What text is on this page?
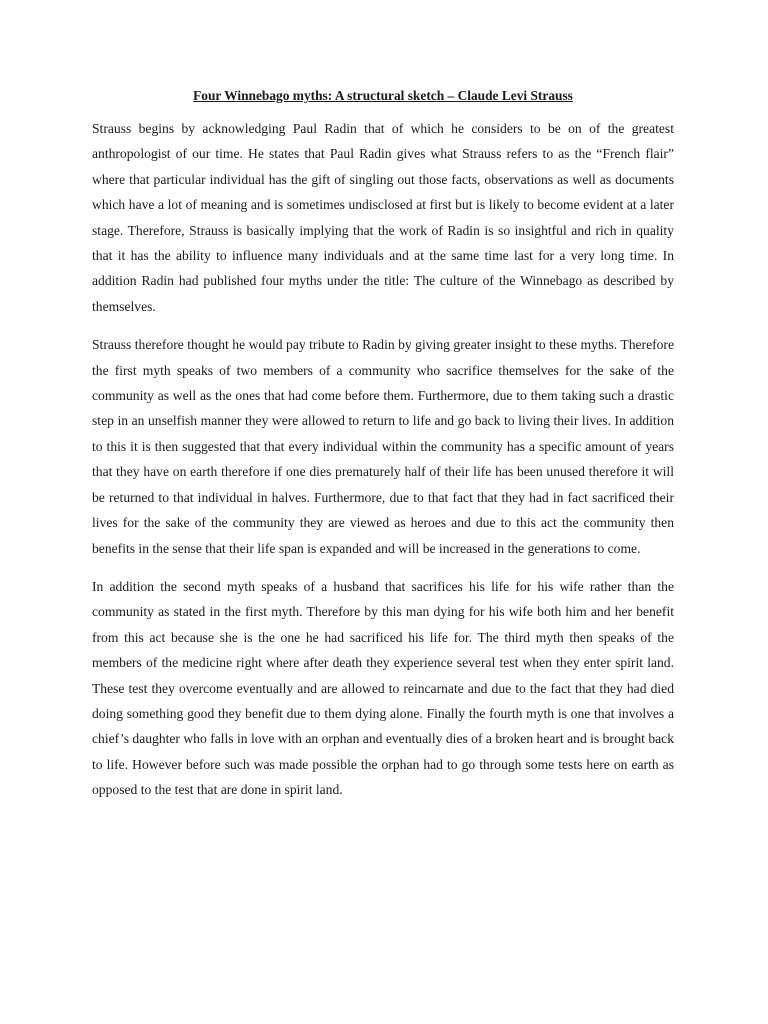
Four Winnebago myths: A structural sketch – Claude Levi Strauss

Strauss begins by acknowledging Paul Radin that of which he considers to be on of the greatest anthropologist of our time. He states that Paul Radin gives what Strauss refers to as the “French flair” where that particular individual has the gift of singling out those facts, observations as well as documents which have a lot of meaning and is sometimes undisclosed at first but is likely to become evident at a later stage. Therefore, Strauss is basically implying that the work of Radin is so insightful and rich in quality that it has the ability to influence many individuals and at the same time last for a very long time. In addition Radin had published four myths under the title: The culture of the Winnebago as described by themselves.

Strauss therefore thought he would pay tribute to Radin by giving greater insight to these myths. Therefore the first myth speaks of two members of a community who sacrifice themselves for the sake of the community as well as the ones that had come before them. Furthermore, due to them taking such a drastic step in an unselfish manner they were allowed to return to life and go back to living their lives. In addition to this it is then suggested that that every individual within the community has a specific amount of years that they have on earth therefore if one dies prematurely half of their life has been unused therefore it will be returned to that individual in halves. Furthermore, due to that fact that they had in fact sacrificed their lives for the sake of the community they are viewed as heroes and due to this act the community then benefits in the sense that their life span is expanded and will be increased in the generations to come.

In addition the second myth speaks of a husband that sacrifices his life for his wife rather than the community as stated in the first myth. Therefore by this man dying for his wife both him and her benefit from this act because she is the one he had sacrificed his life for. The third myth then speaks of the members of the medicine right where after death they experience several test when they enter spirit land. These test they overcome eventually and are allowed to reincarnate and due to the fact that they had died doing something good they benefit due to them dying alone. Finally the fourth myth is one that involves a chief’s daughter who falls in love with an orphan and eventually dies of a broken heart and is brought back to life. However before such was made possible the orphan had to go through some tests here on earth as opposed to the test that are done in spirit land.
